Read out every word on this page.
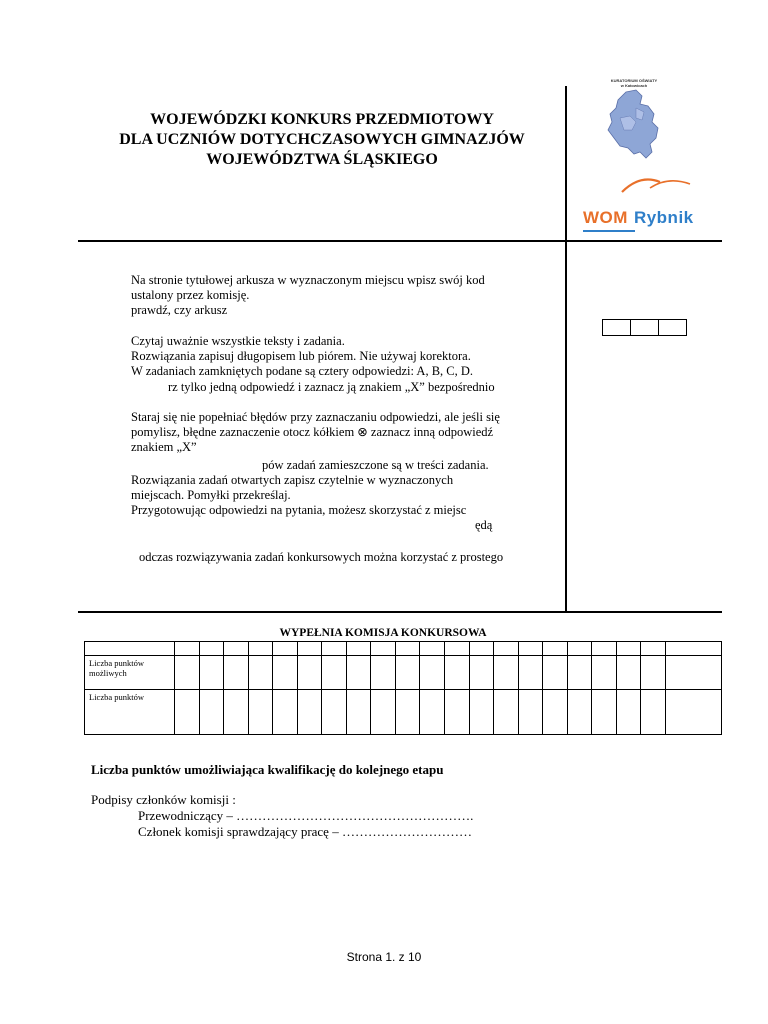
WOJEWÓDZKI KONKURS PRZEDMIOTOWY
DLA UCZNIÓW DOTYCHCZASOWYCH GIMNAZJÓW
WOJEWÓDZTWA ŚLĄSKIEGO
KURATORIUM OŚWIATY
w Katowicach
WOM Rybnik
Na stronie tytułowej arkusza w wyznaczonym miejscu wpisz swój kod
ustalony przez komisję.
prawdź, czy arkusz
Czytaj uważnie wszystkie teksty i zadania.
Rozwiązania zapisuj długopisem lub piórem. Nie używaj korektora.
W zadaniach zamkniętych podane są cztery odpowiedzi: A, B, C, D.
rz tylko jedną odpowiedź i zaznacz ją znakiem „X” bezpośrednio
Staraj się nie popełniać błędów przy zaznaczaniu odpowiedzi, ale jeśli się
pomylisz, błędne zaznaczenie otocz kółkiem ⊗ zaznacz inną odpowiedź
znakiem „X”
pów zadań zamieszczone są w treści zadania.
Rozwiązania zadań otwartych zapisz czytelnie w wyznaczonych
miejscach. Pomyłki przekreślaj.
Przygotowując odpowiedzi na pytania, możesz skorzystać z miejsc
ędą
odczas rozwiązywania zadań konkursowych można korzystać z prostego
WYPEŁNIA KOMISJA KONKURSOWA

Liczba punktów możliwych																					
Liczba punktów																					
Liczba punktów umożliwiająca kwalifikację do kolejnego etapu
Podpisy członków komisji :
Przewodniczący – ……………………………………………….
Członek komisji sprawdzający pracę – …………………………
Strona 1. z 10
